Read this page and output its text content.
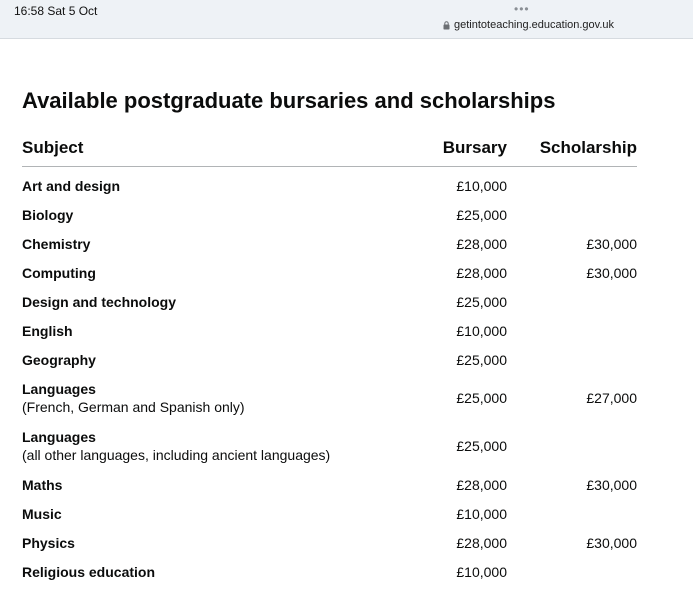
16:58 Sat 5 Oct	•••
getintoteaching.education.gov.uk
Available postgraduate bursaries and scholarships
Subject	Bursary	Scholarship

Art and design	£10,000	

Biology	£25,000	

Chemistry	£28,000	£30,000

Computing	£28,000	£30,000

Design and technology	£25,000	

English	£10,000	

Geography	£25,000	

Languages
(French, German and Spanish only)	£25,000	£27,000

Languages
(all other languages, including ancient languages)	£25,000	

Maths	£28,000	£30,000

Music	£10,000	

Physics	£28,000	£30,000

Religious education	£10,000	
